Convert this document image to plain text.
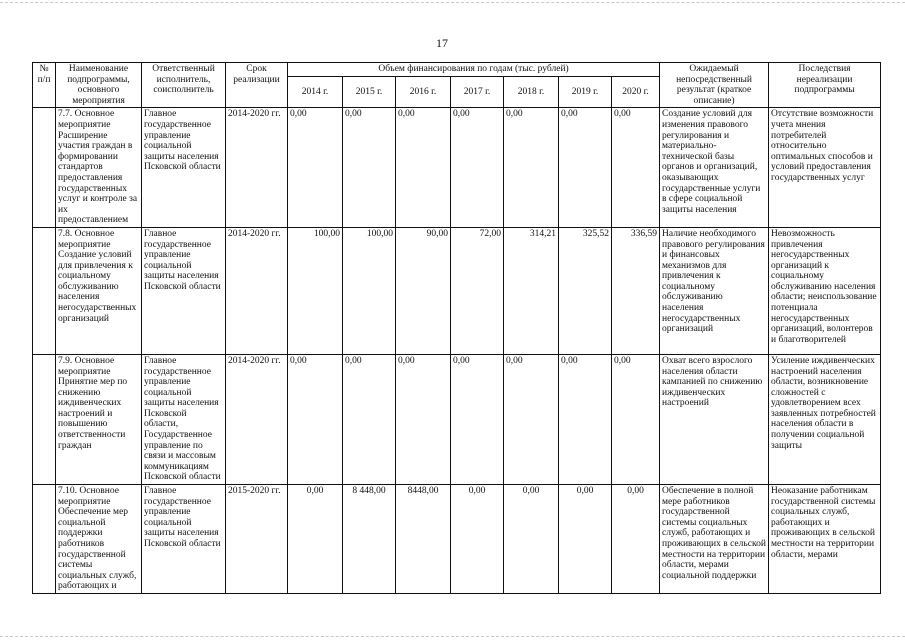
17
№ п/п	Наименование подпрограммы, основного мероприятия	Ответственный исполнитель, соисполнитель	Срок реализации	Объем финансирования по годам (тыс. рублей)							Ожидаемый непосредственный результат (краткое описание)	Последствия нереализации подпрограммы
				2014 г.	2015 г.	2016 г.	2017 г.	2018 г.	2019 г.	2020 г.		
	7.7. Основное мероприятие Расширение участия граждан в формировании стандартов предоставления государственных услуг и контроле за их предоставлением	Главное государственное управление социальной защиты населения Псковской области	2014-2020 гг.	0,00	0,00	0,00	0,00	0,00	0,00	0,00	Создание условий для изменения правового регулирования и материально-технической базы органов и организаций, оказывающих государственные услуги в сфере социальной защиты населения	Отсутствие возможности учета мнения потребителей относительно оптимальных способов и условий предоставления государственных услуг
	7.8. Основное мероприятие Создание условий для привлечения к социальному обслуживанию населения негосударственных организаций	Главное государственное управление социальной защиты населения Псковской области	2014-2020 гг.	100,00	100,00	90,00	72,00	314,21	325,52	336,59	Наличие необходимого правового регулирования и финансовых механизмов для привлечения к социальному обслуживанию населения негосударственных организаций	Невозможность привлечения негосударственных организаций к социальному обслуживанию населения области; неиспользование потенциала негосударственных организаций, волонтеров и благотворителей
	7.9. Основное мероприятие Принятие мер по снижению иждивенческих настроений и повышению ответственности граждан	Главное государственное управление социальной защиты населения Псковской области, Государственное управление по связи и массовым коммуникациям Псковской области	2014-2020 гг.	0,00	0,00	0,00	0,00	0,00	0,00	0,00	Охват всего взрослого населения области кампанией по снижению иждивенческих настроений	Усиление иждивенческих настроений населения области, возникновение сложностей с удовлетворением всех заявленных потребностей населения области в получении социальной защиты
	7.10. Основное мероприятие Обеспечение мер социальной поддержки работников государственной системы социальных служб, работающих и	Главное государственное управление социальной защиты населения Псковской области	2015-2020 гг.	0,00	8 448,00	8448,00	0,00	0,00	0,00	0,00	Обеспечение в полной мере работников государственной системы социальных служб, работающих и проживающих в сельской местности на территории области, мерами социальной поддержки	Неоказание работникам государственной системы социальных служб, работающих и проживающих в сельской местности на территории области, мерами
